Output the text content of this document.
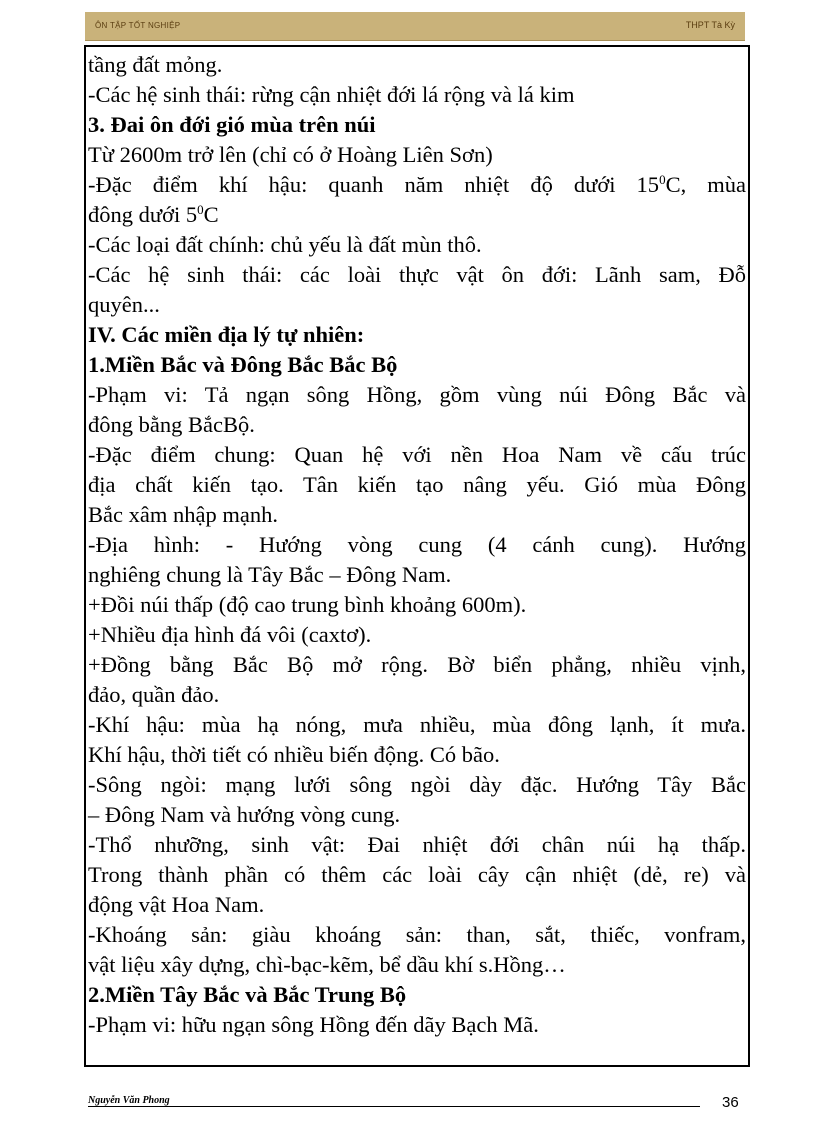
ÔN TẬP TỐT NGHIỆP	THPT Tà Kỳ
tầng đất mỏng.
-Các hệ sinh thái: rừng cận nhiệt đới lá rộng và lá kim
3. Đai ôn đới gió mùa trên núi
Từ 2600m trở lên (chỉ có ở Hoàng Liên Sơn)
-Đặc điểm khí hậu: quanh năm nhiệt độ dưới $15^0C$, mùa
đông dưới $5^0C$
-Các loại đất chính: chủ yếu là đất mùn thô.
-Các hệ sinh thái: các loài thực vật ôn đới: Lãnh sam, Đỗ
quyên...
IV. Các miền địa lý tự nhiên:
1.Miền Bắc và Đông Bắc Bắc Bộ
-Phạm vi: Tả ngạn sông Hồng, gồm vùng núi Đông Bắc và
đông bằng BắcBộ.
-Đặc điểm chung: Quan hệ với nền Hoa Nam về cấu trúc
địa chất kiến tạo. Tân kiến tạo nâng yếu. Gió mùa Đông
Bắc xâm nhập mạnh.
-Địa hình: - Hướng vòng cung (4 cánh cung). Hướng
nghiêng chung là Tây Bắc – Đông Nam.
+Đồi núi thấp (độ cao trung bình khoảng 600m).
+Nhiều địa hình đá vôi (caxtơ).
+Đồng bằng Bắc Bộ mở rộng. Bờ biển phẳng, nhiều vịnh,
đảo, quần đảo.
-Khí hậu: mùa hạ nóng, mưa nhiều, mùa đông lạnh, ít mưa.
Khí hậu, thời tiết có nhiều biến động. Có bão.
-Sông ngòi: mạng lưới sông ngòi dày đặc. Hướng Tây Bắc
– Đông Nam và hướng vòng cung.
-Thổ nhưỡng, sinh vật: Đai nhiệt đới chân núi hạ thấp.
Trong thành phần có thêm các loài cây cận nhiệt (dẻ, re) và
động vật Hoa Nam.
-Khoáng sản: giàu khoáng sản: than, sắt, thiếc, vonfram,
vật liệu xây dựng, chì-bạc-kẽm, bể dầu khí s.Hồng…
2.Miền Tây Bắc và Bắc Trung Bộ
-Phạm vi: hữu ngạn sông Hồng đến dãy Bạch Mã.
Nguyễn Văn Phong	36
